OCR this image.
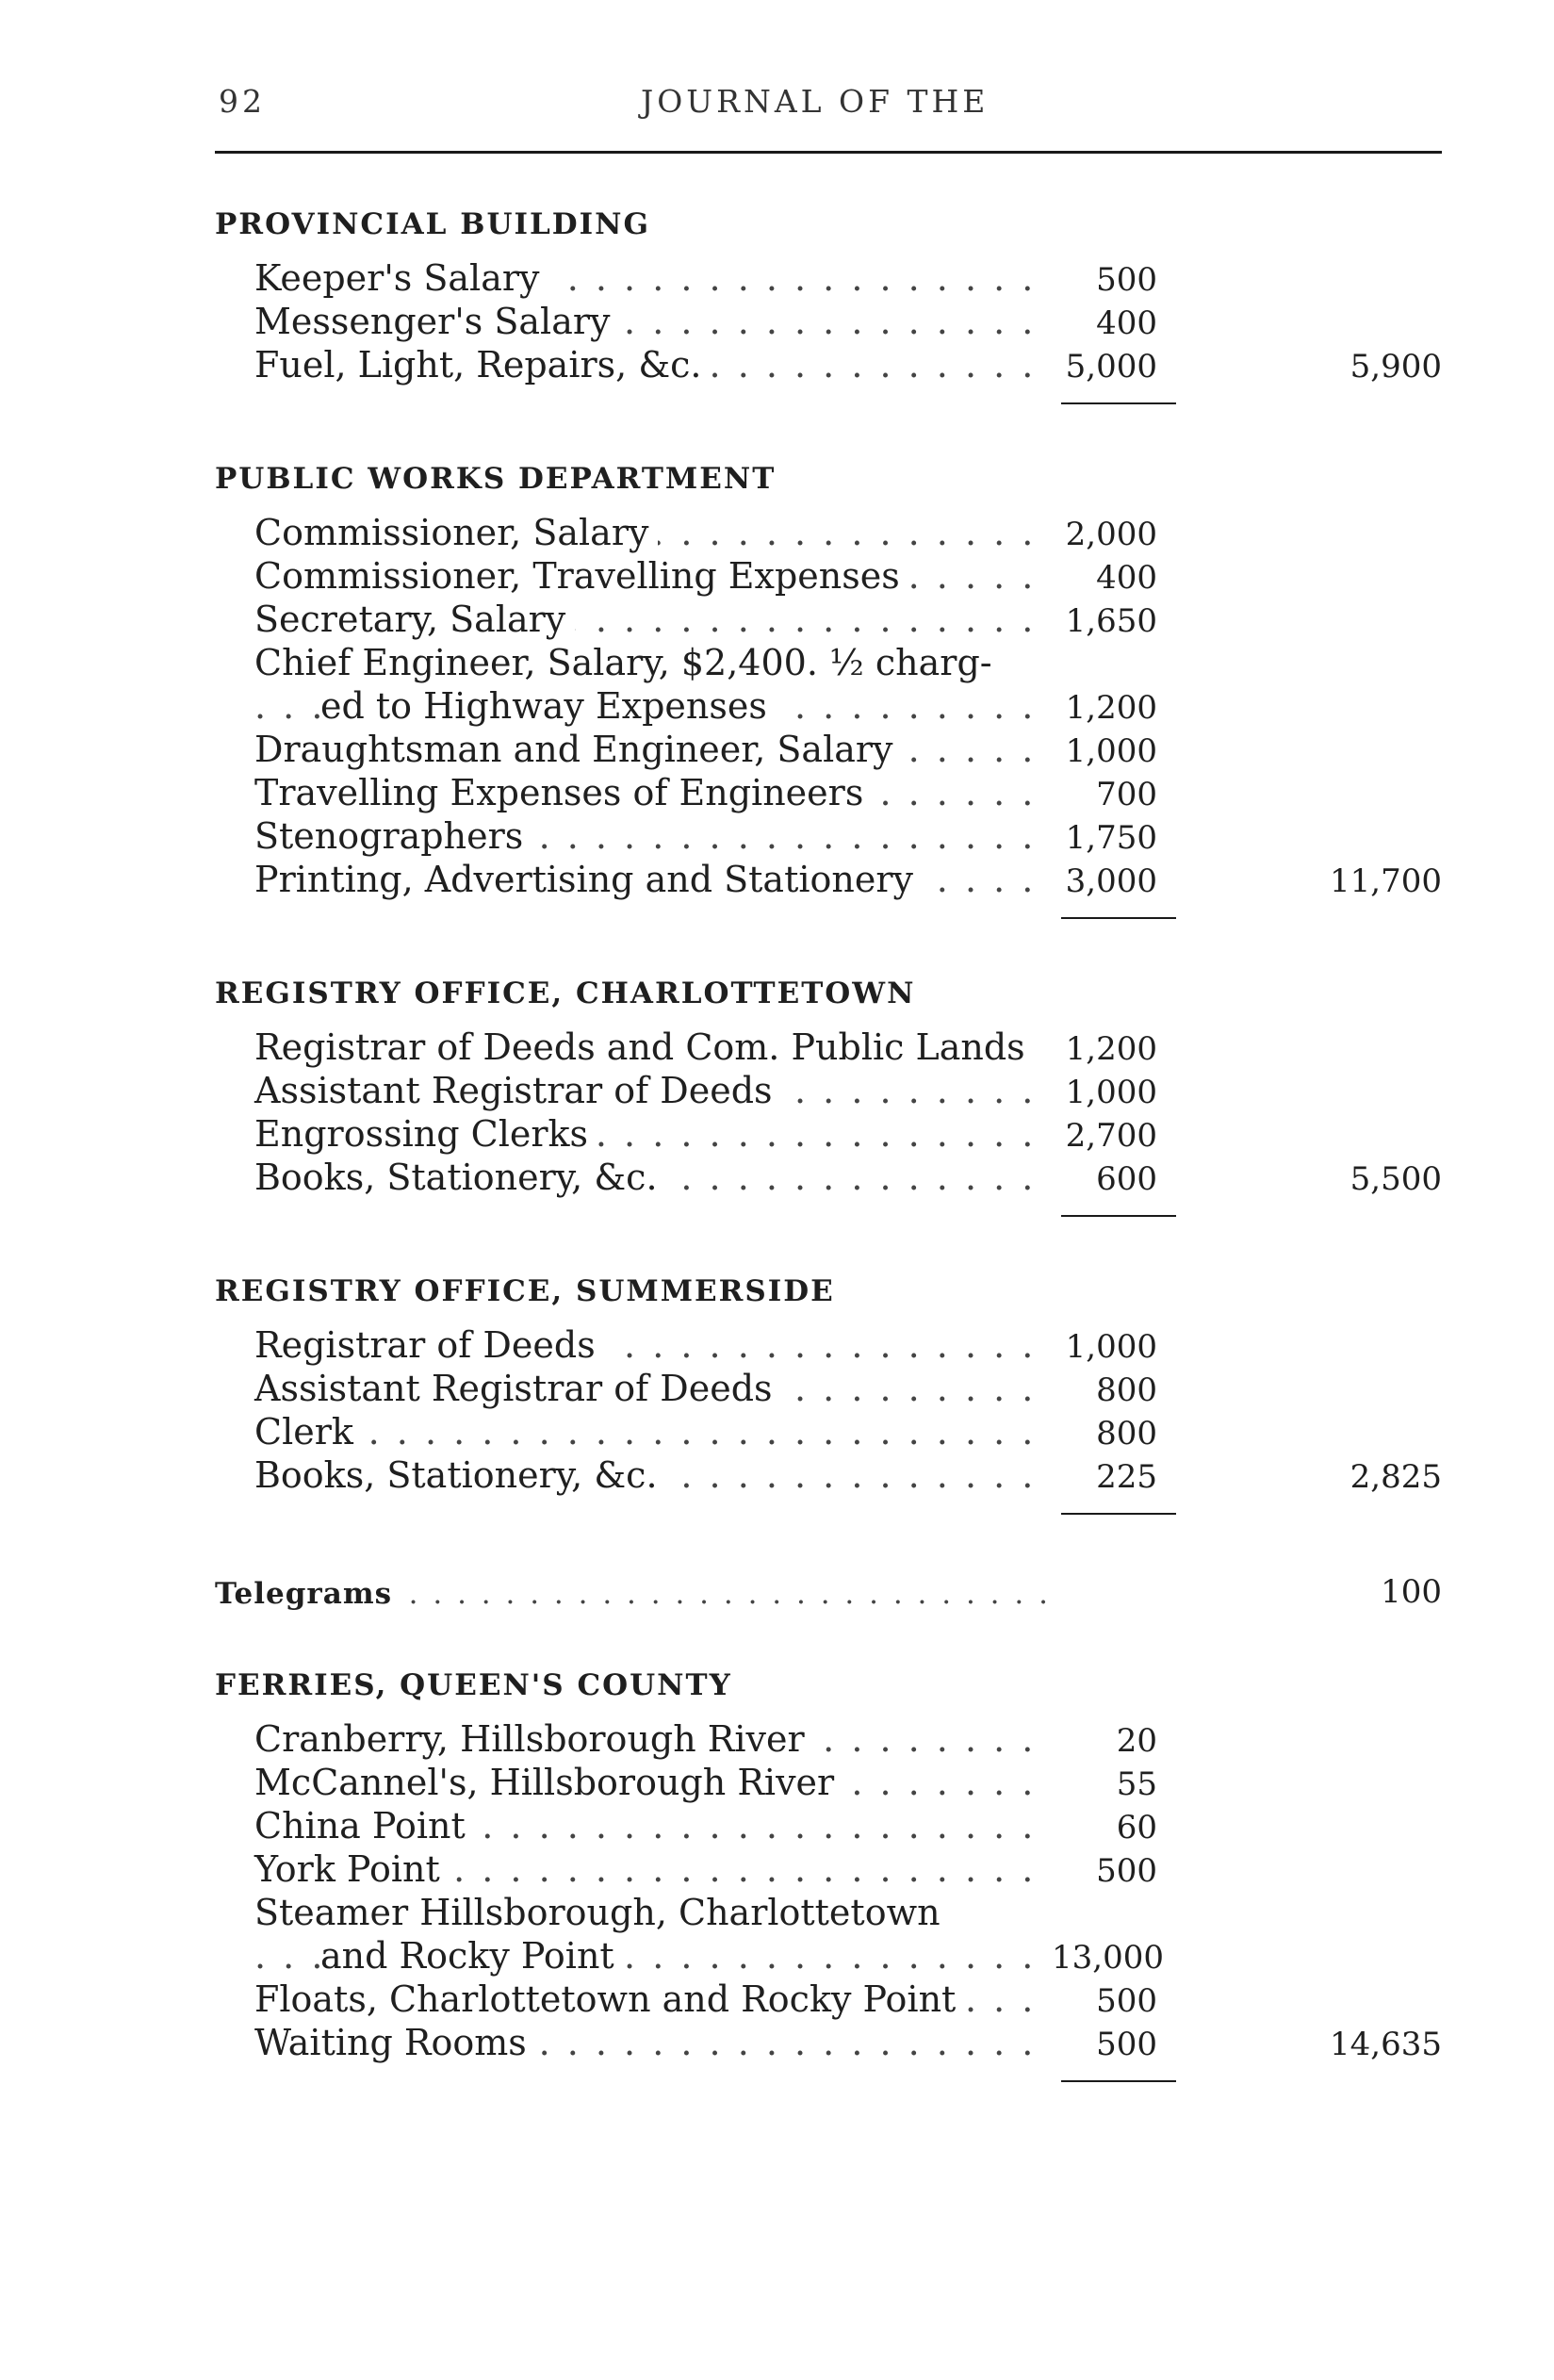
92	JOURNAL OF THE
PROVINCIAL BUILDING
Keeper's Salary . . .	500
Messenger's Salary . . .	400
Fuel, Light, Repairs, &c. . . .	5,000	5,900
PUBLIC WORKS DEPARTMENT
Commissioner, Salary . . .	2,000
Commissioner, Travelling Expenses . . .	400
Secretary, Salary . . .	1,650
Chief Engineer, Salary, $2,400. ½ charg-
ed to Highway Expenses . . .	1,200
Draughtsman and Engineer, Salary . . .	1,000
Travelling Expenses of Engineers . . .	700
Stenographers . . .	1,750
Printing, Advertising and Stationery . . .	3,000	11,700
REGISTRY OFFICE, CHARLOTTETOWN
Registrar of Deeds and Com. Public Lands . . .	1,200
Assistant Registrar of Deeds . . .	1,000
Engrossing Clerks . . .	2,700
Books, Stationery, &c. . . .	600	5,500
REGISTRY OFFICE, SUMMERSIDE
Registrar of Deeds . . .	1,000
Assistant Registrar of Deeds . . .	800
Clerk . . .	800
Books, Stationery, &c. . . .	225	2,825
Telegrams . . .	100
FERRIES, QUEEN'S COUNTY
Cranberry, Hillsborough River . . .	20
McCannel's, Hillsborough River . . .	55
China Point . . .	60
York Point . . .	500
Steamer Hillsborough, Charlottetown
and Rocky Point . . .	13,000
Floats, Charlottetown and Rocky Point . . .	500
Waiting Rooms . . .	500	14,635
